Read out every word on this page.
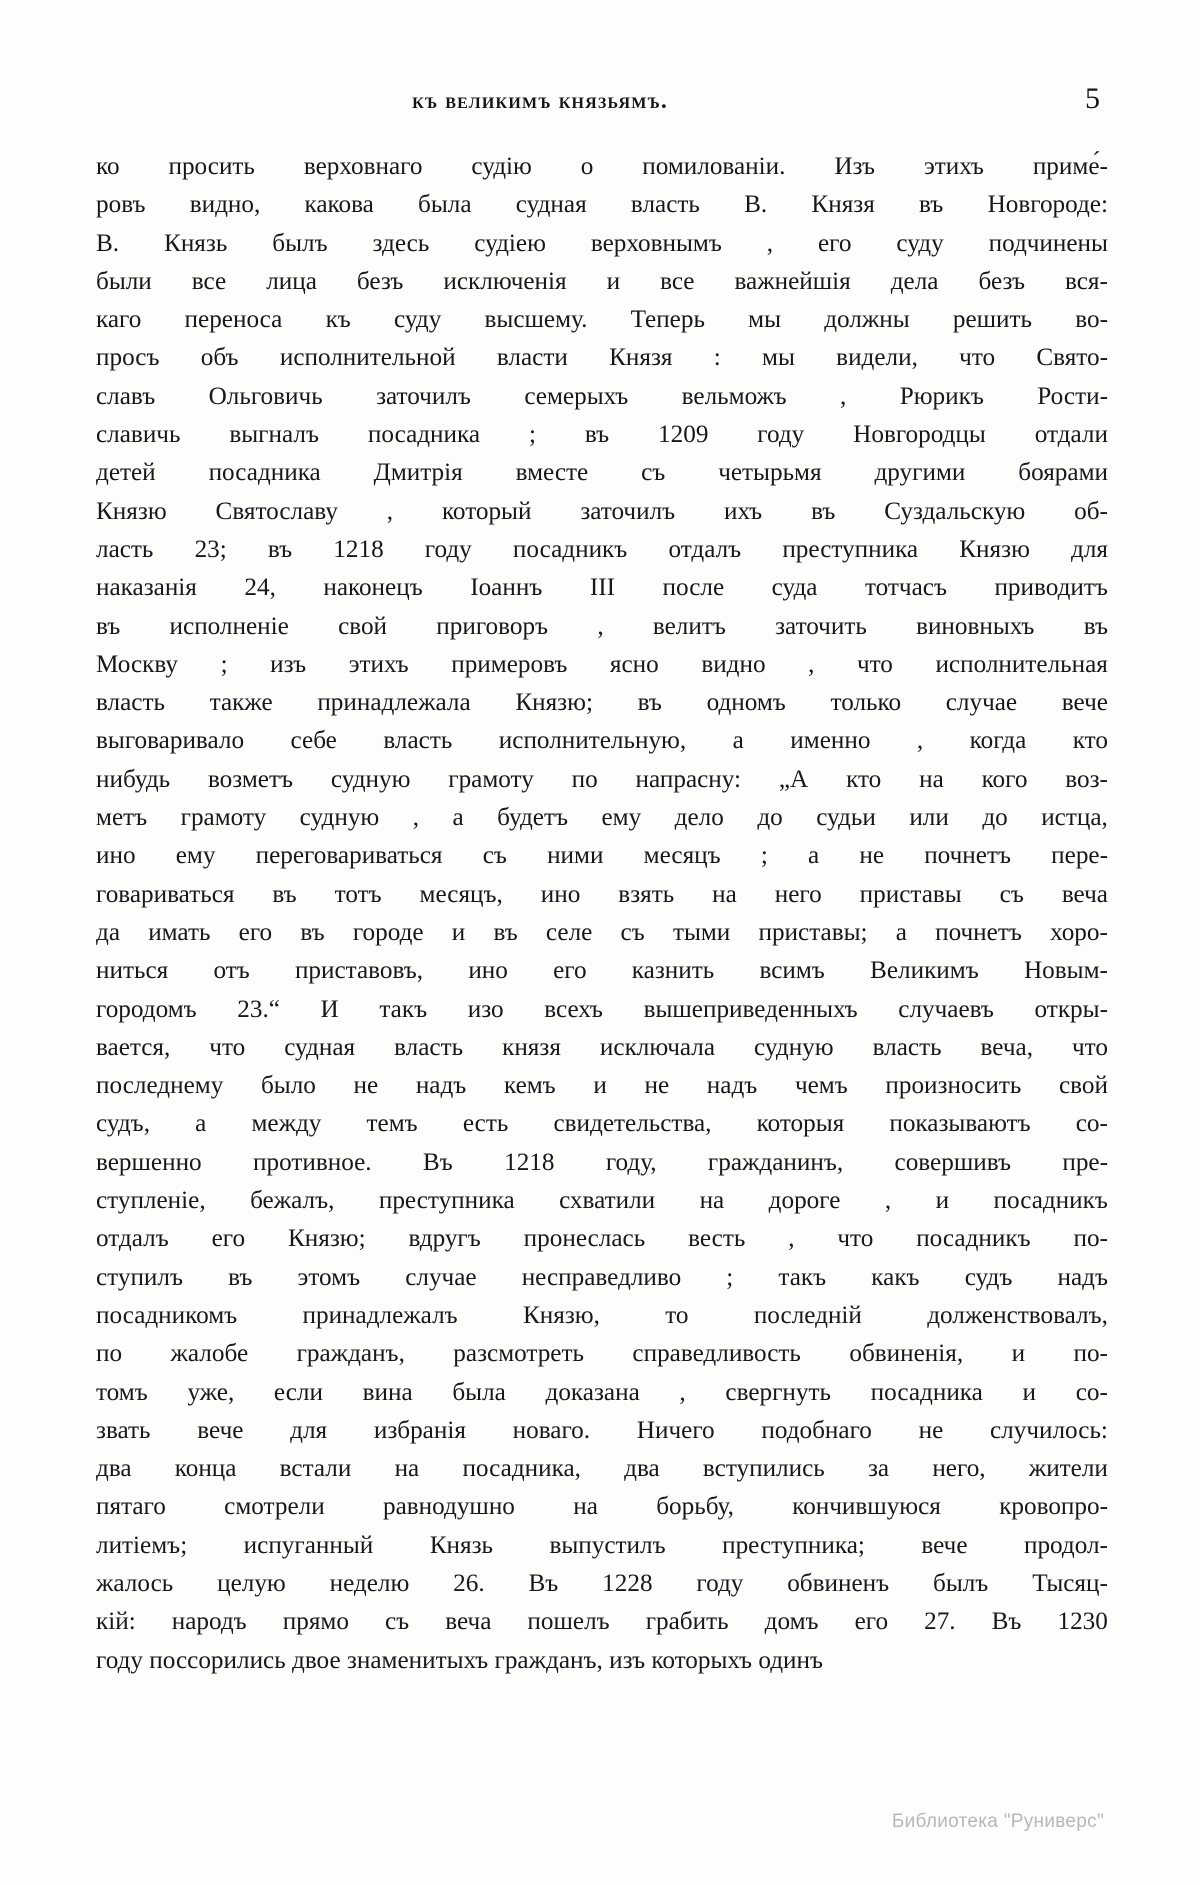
къ великимъ князьямъ.	5

ко просить верховнаго судію о помилованіи. Изъ этихъ приме́-
ровъ видно, какова была судная власть В. Князя въ Новгороде:
В. Князь былъ здесь судіею верховнымъ , его суду подчинены
были все лица безъ исключенія и все важнейшія дела безъ вся-
каго переноса къ суду высшему. Теперь мы должны решить во-
просъ объ исполнительной власти Князя : мы видели, что Свято-
славъ Ольговичь заточилъ семерыхъ вельможъ , Рюрикъ Рости-
славичь выгналъ посадника ; въ 1209 году Новгородцы отдали
детей посадника Дмитрія вместе съ четырьмя другими боярами
Князю Святославу , который заточилъ ихъ въ Суздальскую об-
ласть 23; въ 1218 году посадникъ отдалъ преступника Князю для
наказанія 24, наконецъ Іоаннъ III после суда тотчасъ приводитъ
въ исполненіе свой приговоръ , велитъ заточить виновныхъ въ
Москву ; изъ этихъ примеровъ ясно видно , что исполнительная
власть также принадлежала Князю; въ одномъ только случае вече
выговаривало себе власть исполнительную, а именно , когда кто
нибудь возметъ судную грамоту по напрасну: „А кто на кого воз-
метъ грамоту судную , а будетъ ему дело до судьи или до истца,
ино ему переговариваться съ ними месяцъ ; а не почнетъ пере-
говариваться въ тотъ месяцъ, ино взять на него приставы съ веча
да имать его въ городе и въ селе съ тыми приставы; а почнетъ хоро-
ниться отъ приставовъ, ино его казнить всимъ Великимъ Новым-
городомъ 23.“ И такъ изо всехъ вышеприведенныхъ случаевъ откры-
вается, что судная власть князя исключала судную власть веча, что
последнему было не надъ кемъ и не надъ чемъ произносить свой
судъ, а между темъ есть свидетельства, которыя показываютъ со-
вершенно противное. Въ 1218 году, гражданинъ, совершивъ пре-
ступленіе, бежалъ, преступника схватили на дороге , и посадникъ
отдалъ его Князю; вдругъ пронеслась весть , что посадникъ по-
ступилъ въ этомъ случае несправедливо ; такъ какъ судъ надъ
посадникомъ	принадлежалъ	Князю,	то	последній	долженствовалъ,
по жалобе гражданъ, разсмотреть справедливость обвиненія, и по-
томъ уже, если вина была доказана , свергнуть посадника и со-
звать вече для избранія новаго. Ничего подобнаго не случилось:
два конца встали на посадника, два вступились за него, жители
пятаго смотрели равнодушно на борьбу, кончившуюся кровопро-
литіемъ; испуганный Князь выпустилъ преступника; вече продол-
жалось целую неделю 26. Въ 1228 году обвиненъ былъ Тысяц-
кій: народъ прямо съ веча пошелъ грабить домъ его 27. Въ 1230
году поссорились двое знаменитыхъ гражданъ, изъ которыхъ одинъ

Библиотека "Руниверс"
